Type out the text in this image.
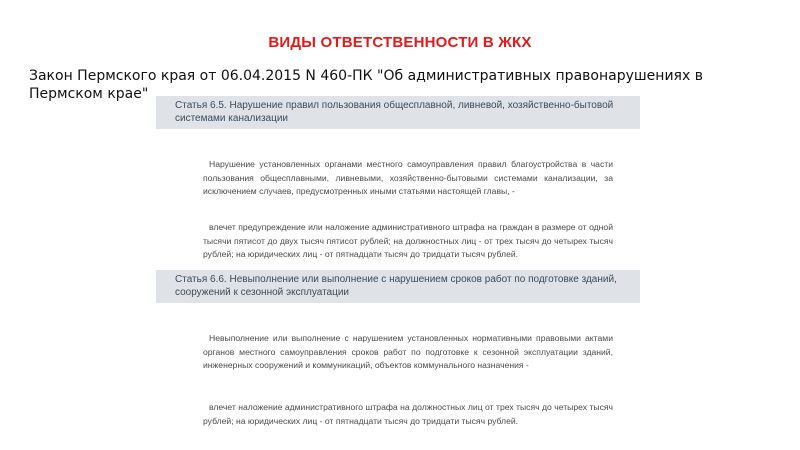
ВИДЫ ОТВЕТСТВЕННОСТИ В ЖКХ
Закон Пермского края от 06.04.2015 N 460-ПК "Об административных правонарушениях в Пермском крае"
Статья 6.5. Нарушение правил пользования общесплавной, ливневой, хозяйственно-бытовой системами канализации
Нарушение установленных органами местного самоуправления правил благоустройства в части пользования общесплавными, ливневыми, хозяйственно-бытовыми системами канализации, за исключением случаев, предусмотренных иными статьями настоящей главы, -
влечет предупреждение или наложение административного штрафа на граждан в размере от одной тысячи пятисот до двух тысяч пятисот рублей; на должностных лиц - от трех тысяч до четырех тысяч рублей; на юридических лиц - от пятнадцати тысяч до тридцати тысяч рублей.
Статья 6.6. Невыполнение или выполнение с нарушением сроков работ по подготовке зданий, сооружений к сезонной эксплуатации
Невыполнение или выполнение с нарушением установленных нормативными правовыми актами органов местного самоуправления сроков работ по подготовке к сезонной эксплуатации зданий, инженерных сооружений и коммуникаций, объектов коммунального назначения -
влечет наложение административного штрафа на должностных лиц от трех тысяч до четырех тысяч рублей; на юридических лиц - от пятнадцати тысяч до тридцати тысяч рублей.
